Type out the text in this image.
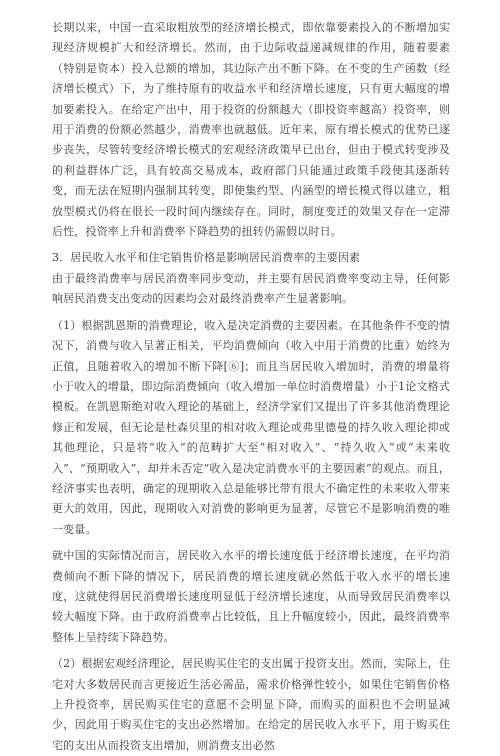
长期以来，中国一直采取粗放型的经济增长模式，即依靠要素投入的不断增加实现经济规模扩大和经济增长。然而，由于边际收益递减规律的作用，随着要素（特别是资本）投入总额的增加，其边际产出不断下降。在不变的生产函数（经济增长模式）下，为了维持原有的收益水平和经济增长速度，只有更大幅度的增加要素投入。在给定产出中，用于投资的份额越大（即投资率越高）投资率，则用于消费的份额必然越少，消费率也就越低。近年来，原有增长模式的优势已逐步丧失，尽管转变经济增长模式的宏观经济政策早已出台，但由于模式转变涉及的利益群体广泛，具有较高交易成本，政府部门只能通过政策手段使其逐渐转变，而无法在短期内强制其转变，即使集约型、内涵型的增长模式得以建立，粗放型模式仍将在很长一段时间内继续存在。同时，制度变迁的效果又存在一定滞后性，投资率上升和消费率下降趋势的扭转仍需假以时日。

3．居民收入水平和住宅销售价格是影响居民消费率的主要因素

由于最终消费率与居民消费率同步变动，并主要有居民消费率变动主导，任何影响居民消费支出变动的因素均会对最终消费率产生显著影响。

（1）根据凯恩斯的消费理论，收入是决定消费的主要因素。在其他条件不变的情况下，消费与收入呈著正相关，平均消费倾向（收入中用于消费的比重）始终为正值，且随着收入的增加不断下降[⑥]；而且当居民收入增加时，消费的增量将小于收入的增量，即边际消费倾向（收入增加一单位时消费增量）小于1论文格式模板。在凯恩斯绝对收入理论的基础上，经济学家们又提出了许多其他消费理论修正和发展，但无论是杜森贝里的相对收入理论或弗里德曼的持久收入理论抑或其他理论，只是将“收入”的范畴扩大至“相对收入”、“持久收入”或“未来收入”、“预期收入”，却并未否定“收入是决定消费水平的主要因素”的观点。而且，经济事实也表明，确定的现期收入总是能够比带有很大不确定性的未来收入带来更大的效用，因此，现期收入对消费的影响更为显著，尽管它不是影响消费的唯一变量。

就中国的实际情况而言，居民收入水平的增长速度低于经济增长速度，在平均消费倾向不断下降的情况下，居民消费的增长速度就必然低于收入水平的增长速度，这就使得居民消费增长速度明显低于经济增长速度，从而导致居民消费率以较大幅度下降。由于政府消费率占比较低，且上升幅度较小，因此，最终消费率整体上呈持续下降趋势。

（2）根据宏观经济理论，居民购买住宅的支出属于投资支出。然而，实际上，住宅对大多数居民而言更接近生活必需品，需求价格弹性较小，如果住宅销售价格上升投资率，居民购买住宅的意愿不会明显下降，而购买的面积也不会明显减少，因此用于购买住宅的支出必然增加。在给定的居民收入水平下，用于购买住宅的支出从而投资支出增加，则消费支出必然
